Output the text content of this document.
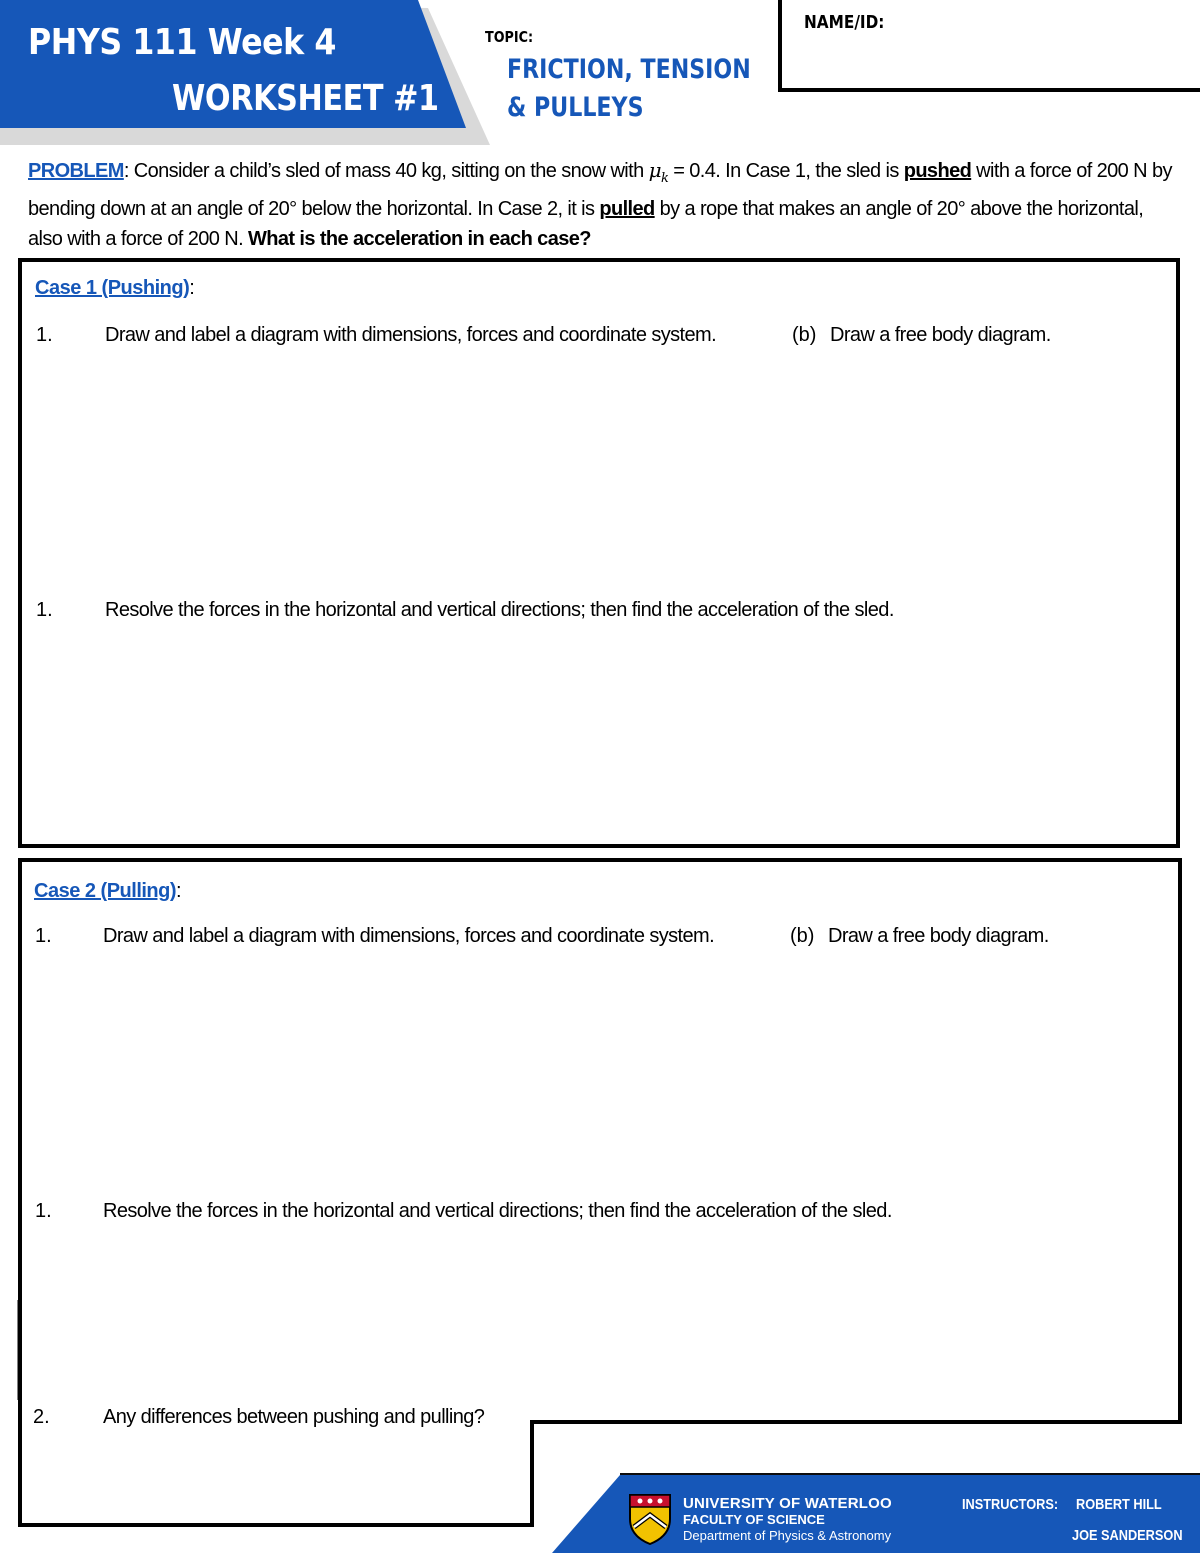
PHYS 111 Week 4
WORKSHEET #1
TOPIC:
FRICTION, TENSION
& PULLEYS
NAME/ID:
PROBLEM: Consider a child’s sled of mass 40 kg, sitting on the snow with $\mu_k = 0.4$. In Case 1, the sled is pushed with a force of 200 N by bending down at an angle of 20° below the horizontal. In Case 2, it is pulled by a rope that makes an angle of 20° above the horizontal, also with a force of 200 N. What is the acceleration in each case?
Case 1 (Pushing):
1.	Draw and label a diagram with dimensions, forces and coordinate system.	(b) Draw a free body diagram.
1.	Resolve the forces in the horizontal and vertical directions; then find the acceleration of the sled.
Case 2 (Pulling):
1.	Draw and label a diagram with dimensions, forces and coordinate system.	(b) Draw a free body diagram.
1.	Resolve the forces in the horizontal and vertical directions; then find the acceleration of the sled.
2.	Any differences between pushing and pulling?
UNIVERSITY OF WATERLOO
FACULTY OF SCIENCE
Department of Physics & Astronomy
INSTRUCTORS: ROBERT HILL
JOE SANDERSON
